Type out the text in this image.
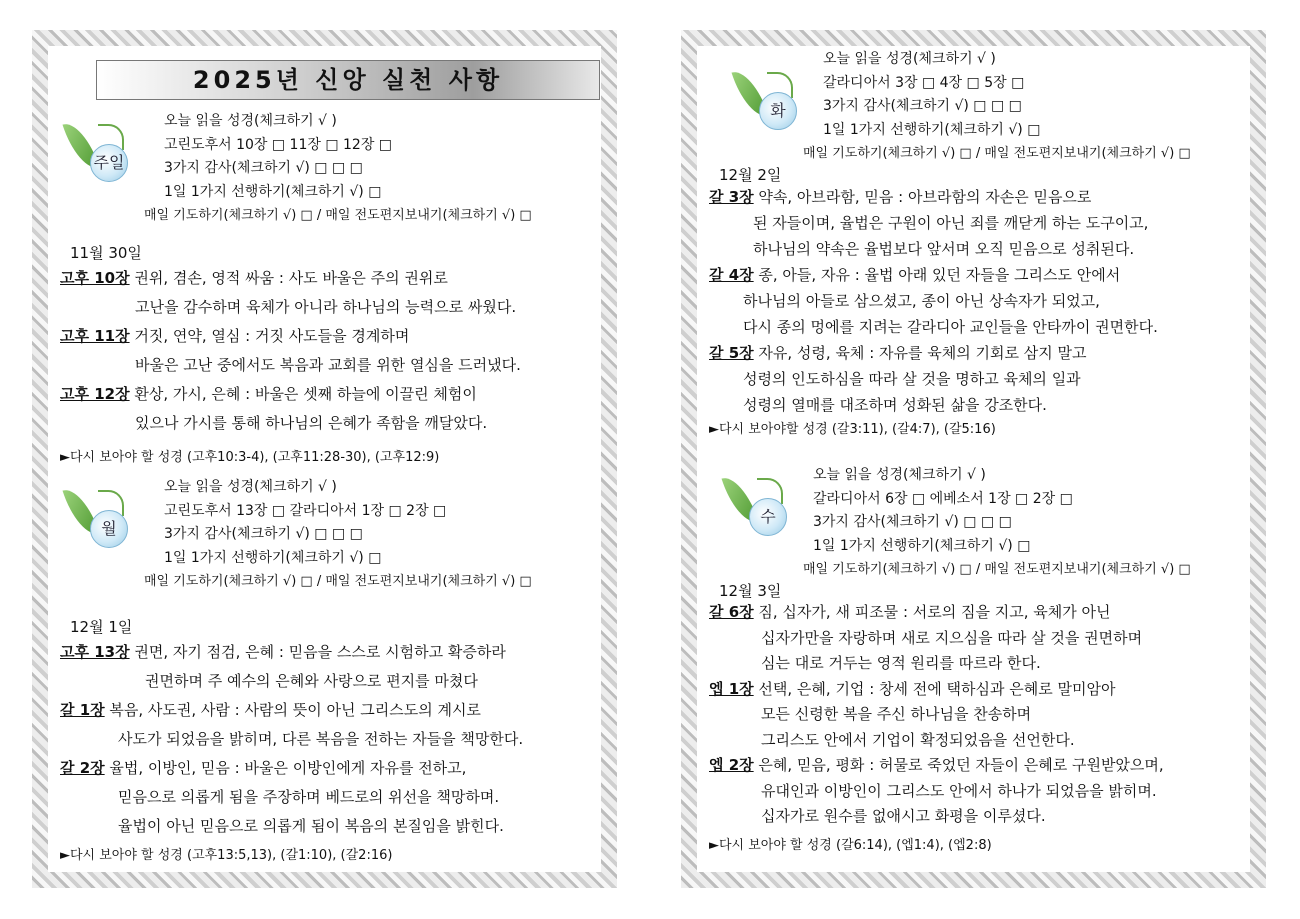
2025년 신앙 실천 사항
주일
오늘 읽을 성경(체크하기 √ )
고린도후서 10장 □ 11장 □ 12장 □
3가지 감사(체크하기 √) □ □ □
1일 1가지 선행하기(체크하기 √) □
매일 기도하기(체크하기 √) □ / 매일 전도편지보내기(체크하기 √) □
11월 30일
고후 10장 권위, 겸손, 영적 싸움 : 사도 바울은 주의 권위로
고난을 감수하며 육체가 아니라 하나님의 능력으로 싸웠다.
고후 11장 거짓, 연약, 열심 : 거짓 사도들을 경계하며
바울은 고난 중에서도 복음과 교회를 위한 열심을 드러냈다.
고후 12장 환상, 가시, 은혜 : 바울은 셋째 하늘에 이끌린 체험이
있으나 가시를 통해 하나님의 은혜가 족함을 깨달았다.
►다시 보아야 할 성경 (고후10:3-4), (고후11:28-30), (고후12:9)
월
오늘 읽을 성경(체크하기 √ )
고린도후서 13장 □ 갈라디아서 1장 □ 2장 □
3가지 감사(체크하기 √) □ □ □
1일 1가지 선행하기(체크하기 √) □
매일 기도하기(체크하기 √) □ / 매일 전도편지보내기(체크하기 √) □
12월 1일
고후 13장 권면, 자기 점검, 은혜 : 믿음을 스스로 시험하고 확증하라
권면하며 주 예수의 은혜와 사랑으로 편지를 마쳤다
갈 1장 복음, 사도권, 사람 : 사람의 뜻이 아닌 그리스도의 계시로
사도가 되었음을 밝히며, 다른 복음을 전하는 자들을 책망한다.
갈 2장 율법, 이방인, 믿음 : 바울은 이방인에게 자유를 전하고,
믿음으로 의롭게 됨을 주장하며 베드로의 위선을 책망하며.
율법이 아닌 믿음으로 의롭게 됨이 복음의 본질임을 밝힌다.
►다시 보아야 할 성경 (고후13:5,13), (갈1:10), (갈2:16)
화
오늘 읽을 성경(체크하기 √ )
갈라디아서 3장 □ 4장 □ 5장 □
3가지 감사(체크하기 √) □ □ □
1일 1가지 선행하기(체크하기 √) □
매일 기도하기(체크하기 √) □ / 매일 전도편지보내기(체크하기 √) □
12월 2일
갈 3장 약속, 아브라함, 믿음 : 아브라함의 자손은 믿음으로
된 자들이며, 율법은 구원이 아닌 죄를 깨닫게 하는 도구이고,
하나님의 약속은 율법보다 앞서며 오직 믿음으로 성취된다.
갈 4장 종, 아들, 자유 : 율법 아래 있던 자들을 그리스도 안에서
하나님의 아들로 삼으셨고, 종이 아닌 상속자가 되었고,
다시 종의 멍에를 지려는 갈라디아 교인들을 안타까이 권면한다.
갈 5장 자유, 성령, 육체 : 자유를 육체의 기회로 삼지 말고
성령의 인도하심을 따라 살 것을 명하고 육체의 일과
성령의 열매를 대조하며 성화된 삶을 강조한다.
►다시 보아야할 성경 (갈3:11), (갈4:7), (갈5:16)
수
오늘 읽을 성경(체크하기 √ )
갈라디아서 6장 □ 에베소서 1장 □ 2장 □
3가지 감사(체크하기 √) □ □ □
1일 1가지 선행하기(체크하기 √) □
매일 기도하기(체크하기 √) □ / 매일 전도편지보내기(체크하기 √) □
12월 3일
갈 6장 짐, 십자가, 새 피조물 : 서로의 짐을 지고, 육체가 아닌
십자가만을 자랑하며 새로 지으심을 따라 살 것을 권면하며
심는 대로 거두는 영적 원리를 따르라 한다.
엡 1장 선택, 은혜, 기업 : 창세 전에 택하심과 은혜로 말미암아
모든 신령한 복을 주신 하나님을 찬송하며
그리스도 안에서 기업이 확정되었음을 선언한다.
엡 2장 은혜, 믿음, 평화 : 허물로 죽었던 자들이 은혜로 구원받았으며,
유대인과 이방인이 그리스도 안에서 하나가 되었음을 밝히며.
십자가로 원수를 없애시고 화평을 이루셨다.
►다시 보아야 할 성경 (갈6:14), (엡1:4), (엡2:8)
